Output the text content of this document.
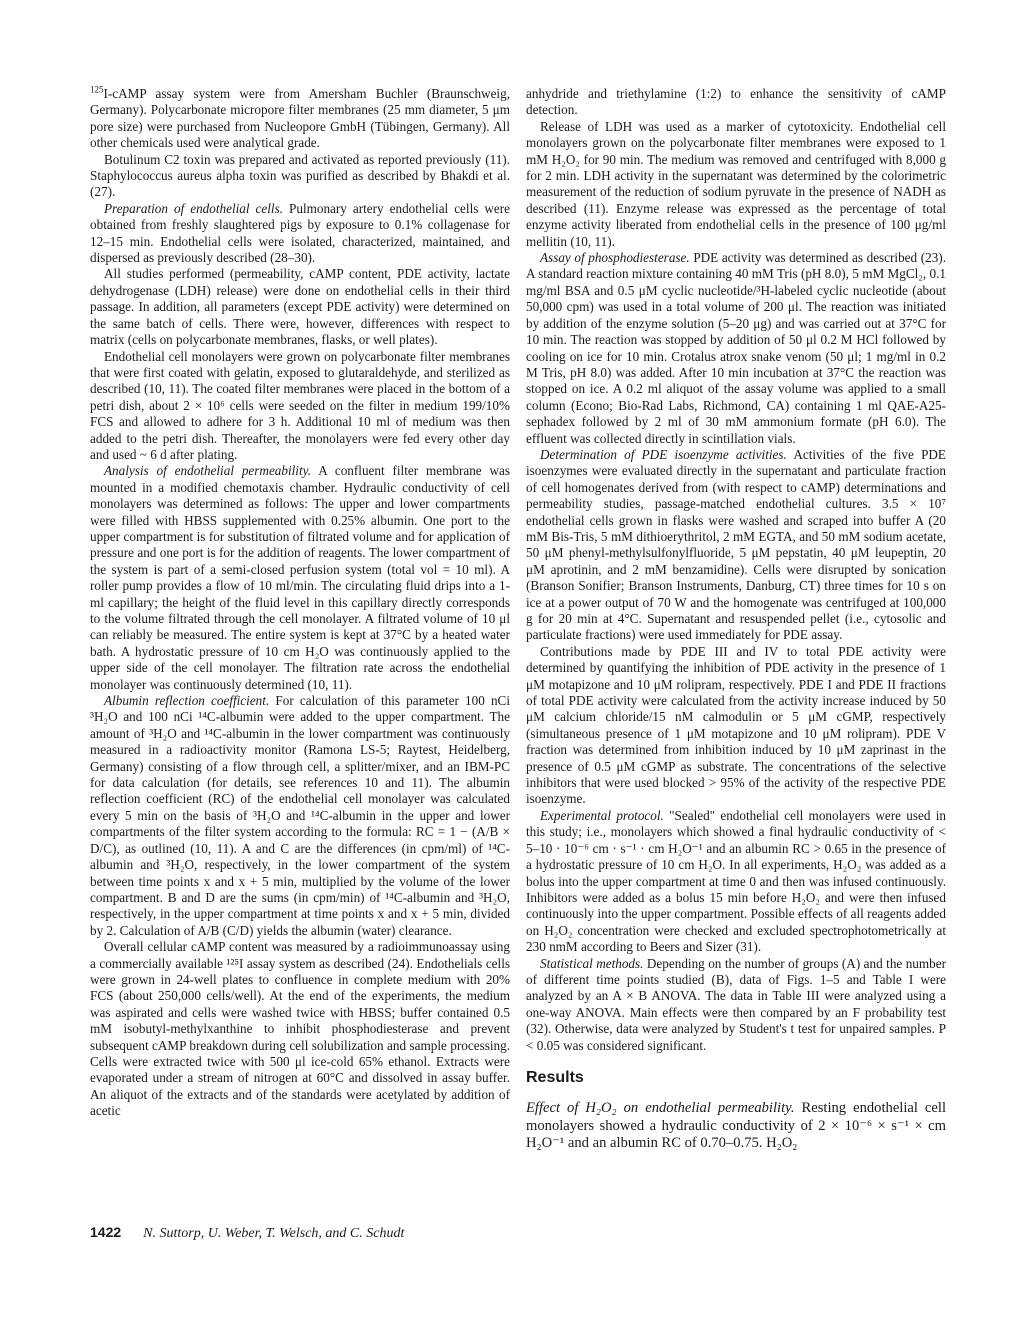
$^{125}$I-cAMP assay system were from Amersham Buchler (Braunschweig, Germany). Polycarbonate micropore filter membranes (25 mm diameter, 5 μm pore size) were purchased from Nucleopore GmbH (Tübingen, Germany). All other chemicals used were analytical grade.

Botulinum C2 toxin was prepared and activated as reported previously (11). Staphylococcus aureus alpha toxin was purified as described by Bhakdi et al. (27).

Preparation of endothelial cells. Pulmonary artery endothelial cells were obtained from freshly slaughtered pigs by exposure to 0.1% collagenase for 12–15 min. Endothelial cells were isolated, characterized, maintained, and dispersed as previously described (28–30).

All studies performed (permeability, cAMP content, PDE activity, lactate dehydrogenase (LDH) release) were done on endothelial cells in their third passage. In addition, all parameters (except PDE activity) were determined on the same batch of cells. There were, however, differences with respect to matrix (cells on polycarbonate membranes, flasks, or well plates).

Endothelial cell monolayers were grown on polycarbonate filter membranes that were first coated with gelatin, exposed to glutaraldehyde, and sterilized as described (10, 11). The coated filter membranes were placed in the bottom of a petri dish, about 2 × 10⁶ cells were seeded on the filter in medium 199/10% FCS and allowed to adhere for 3 h. Additional 10 ml of medium was then added to the petri dish. Thereafter, the monolayers were fed every other day and used ~ 6 d after plating.

Analysis of endothelial permeability. A confluent filter membrane was mounted in a modified chemotaxis chamber. Hydraulic conductivity of cell monolayers was determined as follows: The upper and lower compartments were filled with HBSS supplemented with 0.25% albumin. One port to the upper compartment is for substitution of filtrated volume and for application of pressure and one port is for the addition of reagents. The lower compartment of the system is part of a semi-closed perfusion system (total vol = 10 ml). A roller pump provides a flow of 10 ml/min. The circulating fluid drips into a 1-ml capillary; the height of the fluid level in this capillary directly corresponds to the volume filtrated through the cell monolayer. A filtrated volume of 10 μl can reliably be measured. The entire system is kept at 37°C by a heated water bath. A hydrostatic pressure of 10 cm H₂O was continuously applied to the upper side of the cell monolayer. The filtration rate across the endothelial monolayer was continuously determined (10, 11).

Albumin reflection coefficient. For calculation of this parameter 100 nCi ³H₂O and 100 nCi ¹⁴C-albumin were added to the upper compartment. The amount of ³H₂O and ¹⁴C-albumin in the lower compartment was continuously measured in a radioactivity monitor (Ramona LS-5; Raytest, Heidelberg, Germany) consisting of a flow through cell, a splitter/mixer, and an IBM-PC for data calculation (for details, see references 10 and 11). The albumin reflection coefficient (RC) of the endothelial cell monolayer was calculated every 5 min on the basis of ³H₂O and ¹⁴C-albumin in the upper and lower compartments of the filter system according to the formula: RC = 1 − (A/B × D/C), as outlined (10, 11). A and C are the differences (in cpm/ml) of ¹⁴C-albumin and ³H₂O, respectively, in the lower compartment of the system between time points x and x + 5 min, multiplied by the volume of the lower compartment. B and D are the sums (in cpm/min) of ¹⁴C-albumin and ³H₂O, respectively, in the upper compartment at time points x and x + 5 min, divided by 2. Calculation of A/B (C/D) yields the albumin (water) clearance.

Overall cellular cAMP content was measured by a radioimmunoassay using a commercially available ¹²⁵I assay system as described (24). Endothelials cells were grown in 24-well plates to confluence in complete medium with 20% FCS (about 250,000 cells/well). At the end of the experiments, the medium was aspirated and cells were washed twice with HBSS; buffer contained 0.5 mM isobutyl-methylxanthine to inhibit phosphodiesterase and prevent subsequent cAMP breakdown during cell solubilization and sample processing. Cells were extracted twice with 500 μl ice-cold 65% ethanol. Extracts were evaporated under a stream of nitrogen at 60°C and dissolved in assay buffer. An aliquot of the extracts and of the standards were acetylated by addition of acetic

anhydride and triethylamine (1:2) to enhance the sensitivity of cAMP detection.

Release of LDH was used as a marker of cytotoxicity. Endothelial cell monolayers grown on the polycarbonate filter membranes were exposed to 1 mM H₂O₂ for 90 min. The medium was removed and centrifuged with 8,000 g for 2 min. LDH activity in the supernatant was determined by the colorimetric measurement of the reduction of sodium pyruvate in the presence of NADH as described (11). Enzyme release was expressed as the percentage of total enzyme activity liberated from endothelial cells in the presence of 100 μg/ml mellitin (10, 11).

Assay of phosphodiesterase. PDE activity was determined as described (23). A standard reaction mixture containing 40 mM Tris (pH 8.0), 5 mM MgCl₂, 0.1 mg/ml BSA and 0.5 μM cyclic nucleotide/³H-labeled cyclic nucleotide (about 50,000 cpm) was used in a total volume of 200 μl. The reaction was initiated by addition of the enzyme solution (5–20 μg) and was carried out at 37°C for 10 min. The reaction was stopped by addition of 50 μl 0.2 M HCl followed by cooling on ice for 10 min. Crotalus atrox snake venom (50 μl; 1 mg/ml in 0.2 M Tris, pH 8.0) was added. After 10 min incubation at 37°C the reaction was stopped on ice. A 0.2 ml aliquot of the assay volume was applied to a small column (Econo; Bio-Rad Labs, Richmond, CA) containing 1 ml QAE-A25-sephadex followed by 2 ml of 30 mM ammonium formate (pH 6.0). The effluent was collected directly in scintillation vials.

Determination of PDE isoenzyme activities. Activities of the five PDE isoenzymes were evaluated directly in the supernatant and particulate fraction of cell homogenates derived from (with respect to cAMP) determinations and permeability studies, passage-matched endothelial cultures. 3.5 × 10⁷ endothelial cells grown in flasks were washed and scraped into buffer A (20 mM Bis-Tris, 5 mM dithioerythritol, 2 mM EGTA, and 50 mM sodium acetate, 50 μM phenyl-methylsulfonylfluoride, 5 μM pepstatin, 40 μM leupeptin, 20 μM aprotinin, and 2 mM benzamidine). Cells were disrupted by sonication (Branson Sonifier; Branson Instruments, Danburg, CT) three times for 10 s on ice at a power output of 70 W and the homogenate was centrifuged at 100,000 g for 20 min at 4°C. Supernatant and resuspended pellet (i.e., cytosolic and particulate fractions) were used immediately for PDE assay.

Contributions made by PDE III and IV to total PDE activity were determined by quantifying the inhibition of PDE activity in the presence of 1 μM motapizone and 10 μM rolipram, respectively. PDE I and PDE II fractions of total PDE activity were calculated from the activity increase induced by 50 μM calcium chloride/15 nM calmodulin or 5 μM cGMP, respectively (simultaneous presence of 1 μM motapizone and 10 μM rolipram). PDE V fraction was determined from inhibition induced by 10 μM zaprinast in the presence of 0.5 μM cGMP as substrate. The concentrations of the selective inhibitors that were used blocked > 95% of the activity of the respective PDE isoenzyme.

Experimental protocol. "Sealed" endothelial cell monolayers were used in this study; i.e., monolayers which showed a final hydraulic conductivity of < 5–10 · 10⁻⁶ cm · s⁻¹ · cm H₂O⁻¹ and an albumin RC > 0.65 in the presence of a hydrostatic pressure of 10 cm H₂O. In all experiments, H₂O₂ was added as a bolus into the upper compartment at time 0 and then was infused continuously. Inhibitors were added as a bolus 15 min before H₂O₂ and were then infused continuously into the upper compartment. Possible effects of all reagents added on H₂O₂ concentration were checked and excluded spectrophotometrically at 230 nmM according to Beers and Sizer (31).

Statistical methods. Depending on the number of groups (A) and the number of different time points studied (B), data of Figs. 1–5 and Table I were analyzed by an A × B ANOVA. The data in Table III were analyzed using a one-way ANOVA. Main effects were then compared by an F probability test (32). Otherwise, data were analyzed by Student's t test for unpaired samples. P < 0.05 was considered significant.

Results

Effect of H₂O₂ on endothelial permeability. Resting endothelial cell monolayers showed a hydraulic conductivity of 2 × 10⁻⁶ × s⁻¹ × cm H₂O⁻¹ and an albumin RC of 0.70–0.75. H₂O₂

1422 N. Suttorp, U. Weber, T. Welsch, and C. Schudt
